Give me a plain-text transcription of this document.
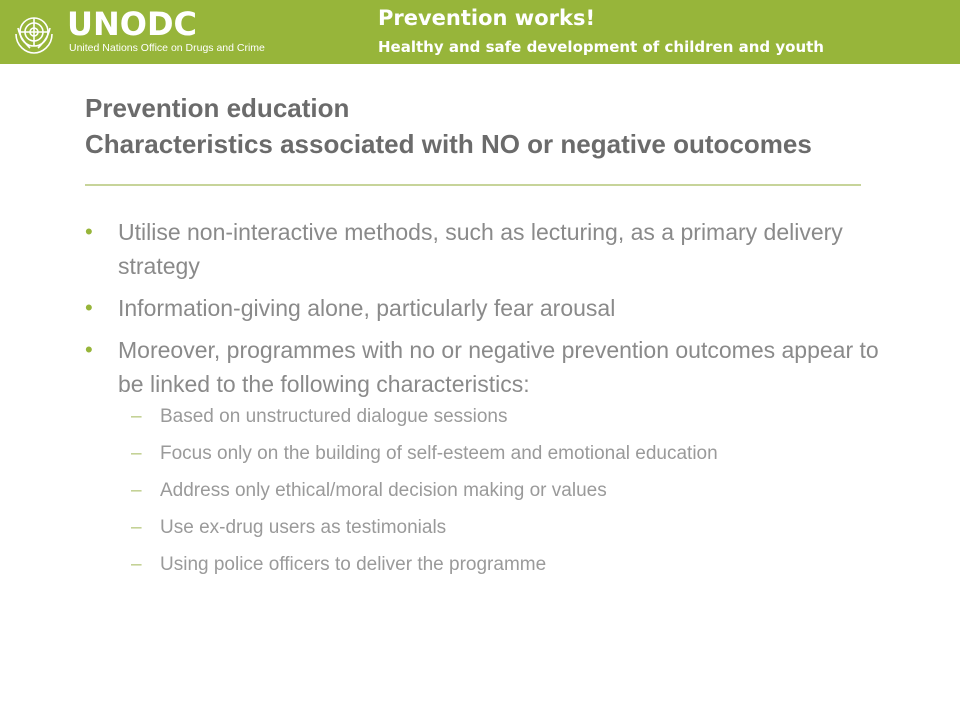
UNODC
United Nations Office on Drugs and Crime
Prevention works!
Healthy and safe development of children and youth
Prevention education
Characteristics associated with NO or negative outocomes
• Utilise non-interactive methods, such as lecturing, as a primary delivery strategy
• Information-giving alone, particularly fear arousal
• Moreover, programmes with no or negative prevention outcomes appear to be linked to the following characteristics:
– Based on unstructured dialogue sessions
– Focus only on the building of self-esteem and emotional education
– Address only ethical/moral decision making or values
– Use ex-drug users as testimonials
– Using police officers to deliver the programme
